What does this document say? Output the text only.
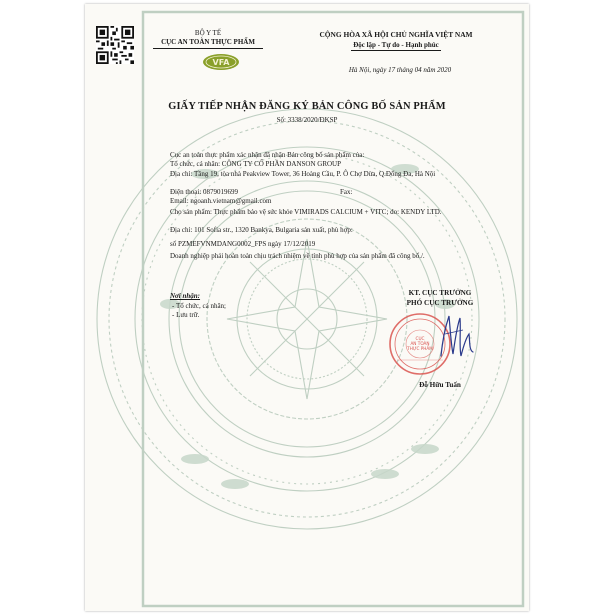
BỘ Y TẾ
CỤC AN TOÀN THỰC PHẨM
VFA
CỘNG HÒA XÃ HỘI CHỦ NGHĨA VIỆT NAM
Độc lập - Tự do - Hạnh phúc
Hà Nội, ngày 17 tháng 04 năm 2020
GIẤY TIẾP NHẬN ĐĂNG KÝ BẢN CÔNG BỐ SẢN PHẨM
Số: 3338/2020/ĐKSP
Cục an toàn thực phẩm xác nhận đã nhận Bản công bố sản phẩm của:
Tổ chức, cá nhân: CÔNG TY CỔ PHẦN DANSON GROUP
Địa chỉ: Tầng 19, tòa nhà Peakview Tower, 36 Hoàng Cầu, P. Ô Chợ Dừa, Q.Đống Đa, Hà Nội
Điện thoại: 0879019699	Fax:
Email: ngoanh.vietnam@gmail.com
Cho sản phẩm: Thực phẩm bảo vệ sức khỏe VIMIRADS CALCIUM + VITC; do: KENDY LTD.
Địa chỉ: 101 Sofia str., 1320 Bankya, Bulgaria sản xuất, phù hợp:
số PZMEFVNMDANG0002_FPS ngày 17/12/2019
Doanh nghiệp phải hoàn toàn chịu trách nhiệm về tính phù hợp của sản phẩm đã công bố./.
Nơi nhận:
- Tổ chức, cá nhân;
- Lưu trữ.
KT. CỤC TRƯỞNG
PHÓ CỤC TRƯỞNG
CỤC
AN TOÀN
THỰC PHẨM
Đỗ Hữu Tuấn
